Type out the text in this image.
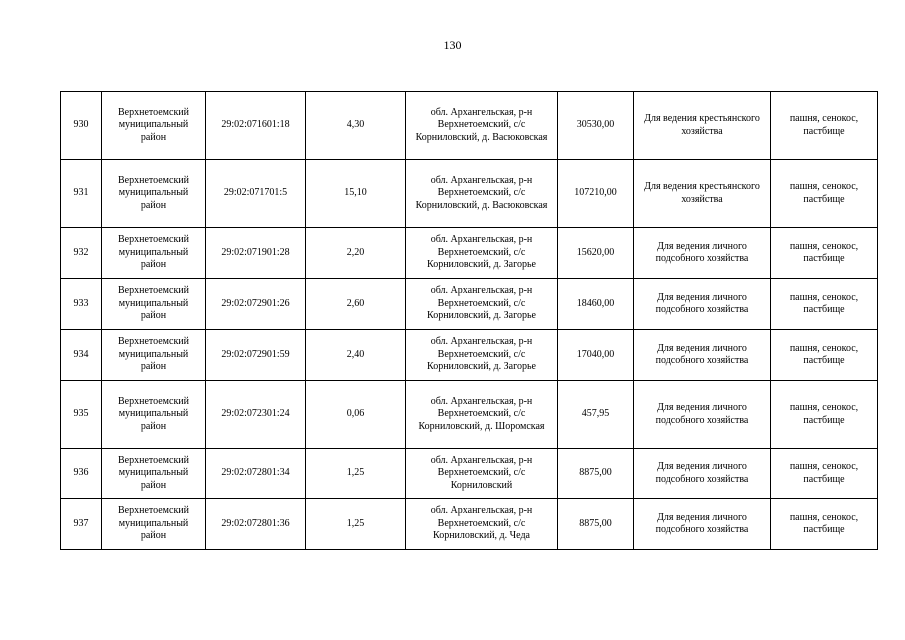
130
930	Верхнетоемский муниципальный район	29:02:071601:18	4,30	обл. Архангельская, р-н Верхнетоемский, с/с Корниловский, д. Васюковская	30530,00	Для ведения крестьянского хозяйства	пашня, сенокос, пастбище
931	Верхнетоемский муниципальный район	29:02:071701:5	15,10	обл. Архангельская, р-н Верхнетоемский, с/с Корниловский, д. Васюковская	107210,00	Для ведения крестьянского хозяйства	пашня, сенокос, пастбище
932	Верхнетоемский муниципальный район	29:02:071901:28	2,20	обл. Архангельская, р-н Верхнетоемский, с/с Корниловский, д. Загорье	15620,00	Для ведения личного подсобного хозяйства	пашня, сенокос, пастбище
933	Верхнетоемский муниципальный район	29:02:072901:26	2,60	обл. Архангельская, р-н Верхнетоемский, с/с Корниловский, д. Загорье	18460,00	Для ведения личного подсобного хозяйства	пашня, сенокос, пастбище
934	Верхнетоемский муниципальный район	29:02:072901:59	2,40	обл. Архангельская, р-н Верхнетоемский, с/с Корниловский, д. Загорье	17040,00	Для ведения личного подсобного хозяйства	пашня, сенокос, пастбище
935	Верхнетоемский муниципальный район	29:02:072301:24	0,06	обл. Архангельская, р-н Верхнетоемский, с/с Корниловский, д. Шоромская	457,95	Для ведения личного подсобного хозяйства	пашня, сенокос, пастбище
936	Верхнетоемский муниципальный район	29:02:072801:34	1,25	обл. Архангельская, р-н Верхнетоемский, с/с Корниловский	8875,00	Для ведения личного подсобного хозяйства	пашня, сенокос, пастбище
937	Верхнетоемский муниципальный район	29:02:072801:36	1,25	обл. Архангельская, р-н Верхнетоемский, с/с Корниловский, д. Чеда	8875,00	Для ведения личного подсобного хозяйства	пашня, сенокос, пастбище
